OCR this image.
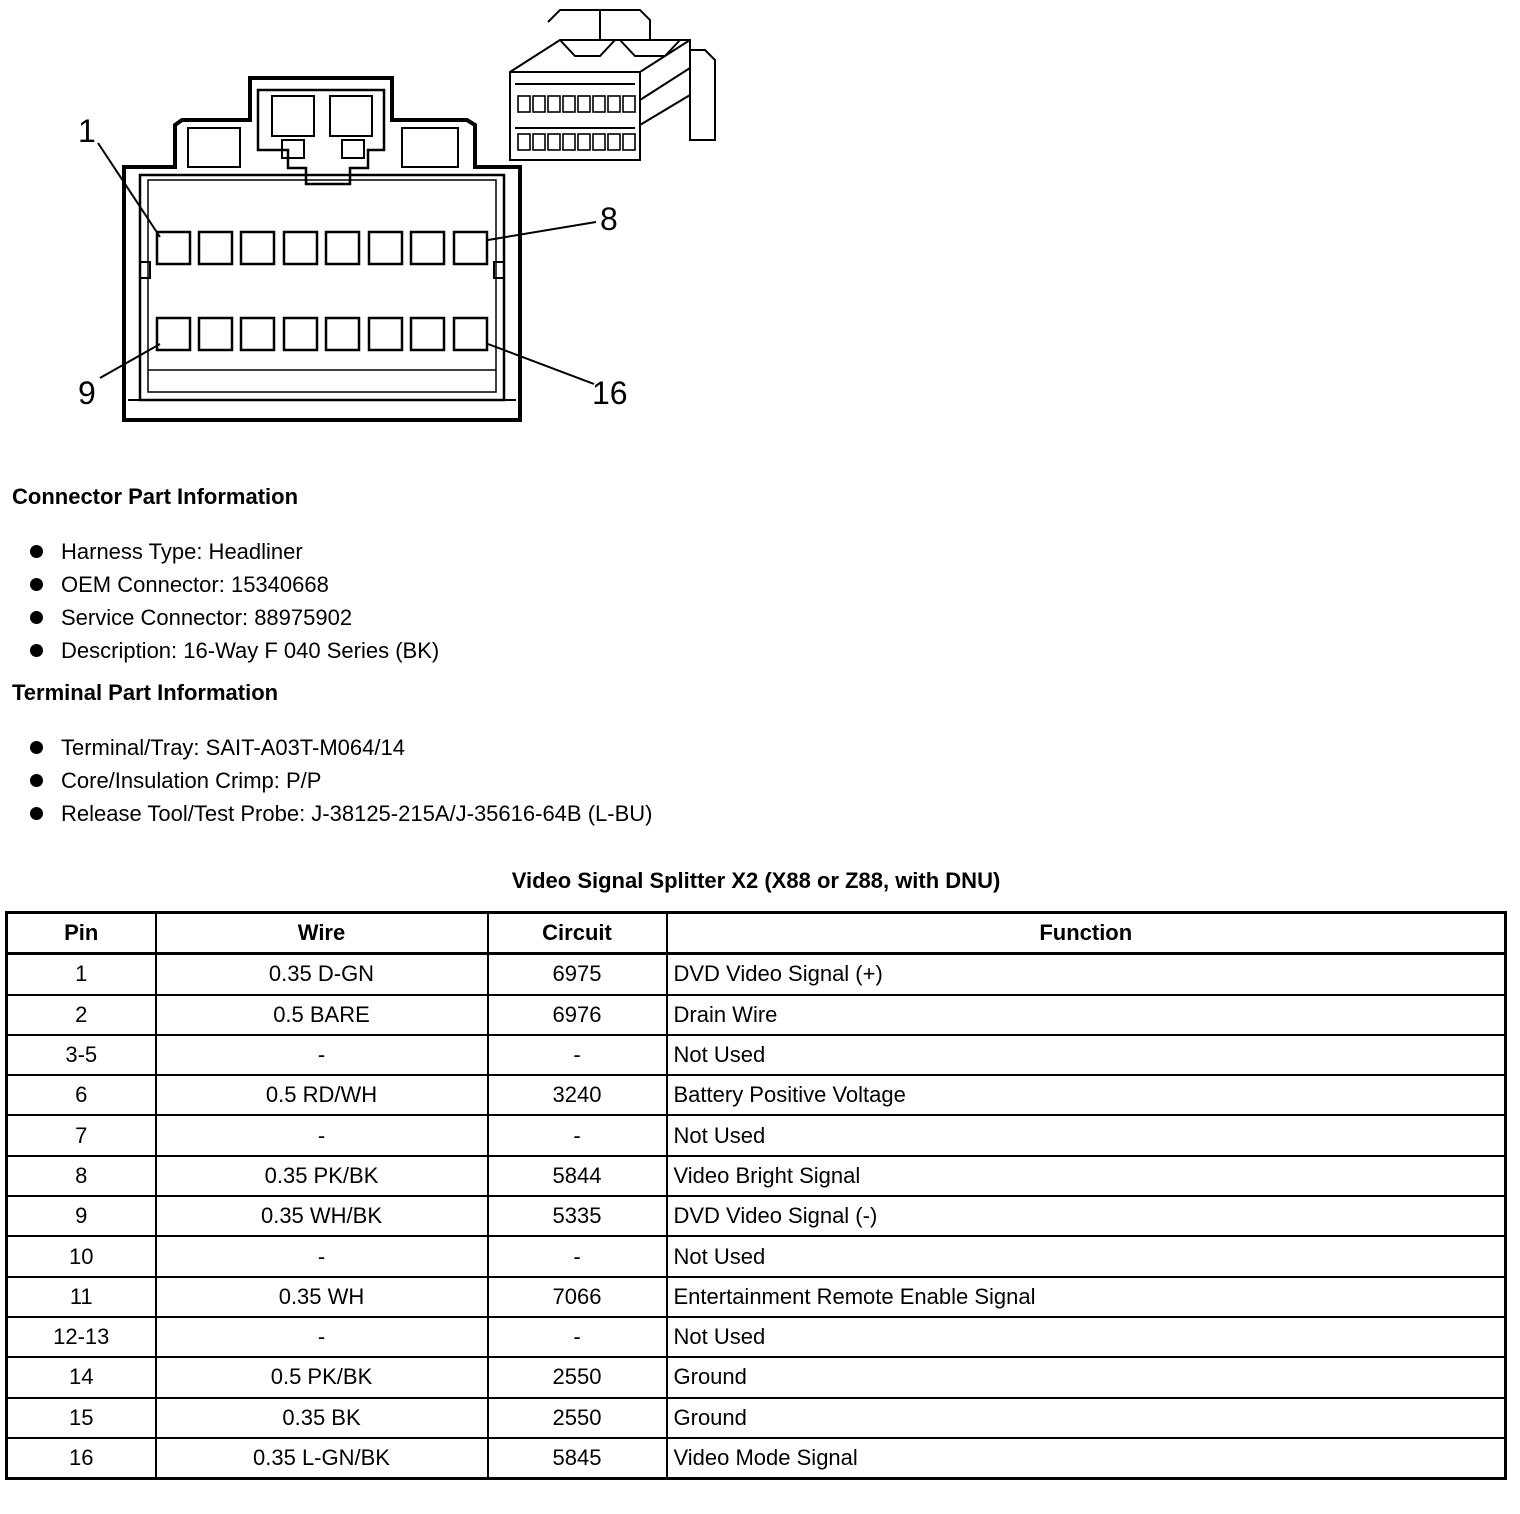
1
8
9	16
Connector Part Information
Harness Type: Headliner
OEM Connector: 15340668
Service Connector: 88975902
Description: 16-Way F 040 Series (BK)
Terminal Part Information
Terminal/Tray: SAIT-A03T-M064/14
Core/Insulation Crimp: P/P
Release Tool/Test Probe: J-38125-215A/J-35616-64B (L-BU)
Video Signal Splitter X2 (X88 or Z88, with DNU)
Pin	Wire	Circuit	Function
1	0.35 D-GN	6975	DVD Video Signal (+)
2	0.5 BARE	6976	Drain Wire
3-5	-	-	Not Used
6	0.5 RD/WH	3240	Battery Positive Voltage
7	-	-	Not Used
8	0.35 PK/BK	5844	Video Bright Signal
9	0.35 WH/BK	5335	DVD Video Signal (-)
10	-	-	Not Used
11	0.35 WH	7066	Entertainment Remote Enable Signal
12-13	-	-	Not Used
14	0.5 PK/BK	2550	Ground
15	0.35 BK	2550	Ground
16	0.35 L-GN/BK	5845	Video Mode Signal
